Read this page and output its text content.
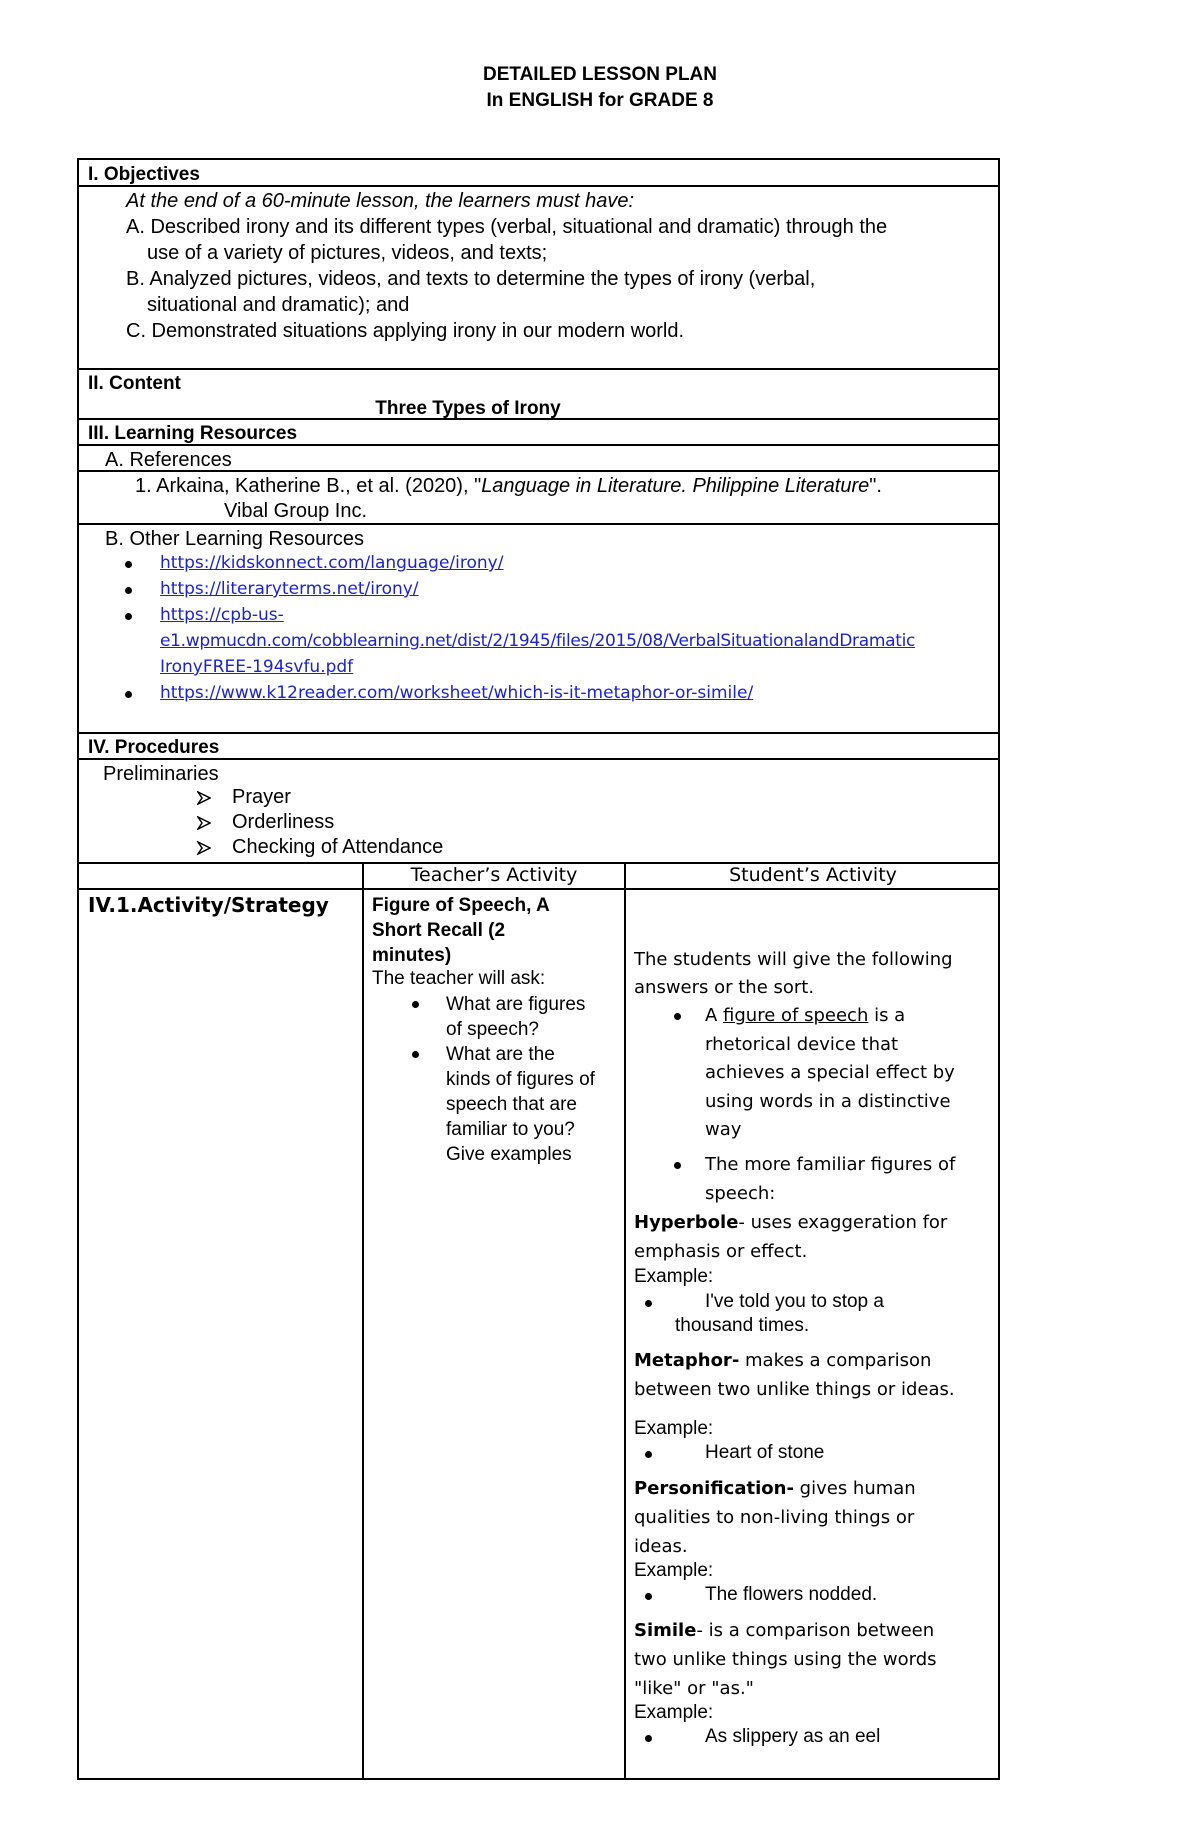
DETAILED LESSON PLAN
In ENGLISH for GRADE 8
I. Objectives
At the end of a 60-minute lesson, the learners must have:
A. Described irony and its different types (verbal, situational and dramatic) through the
use of a variety of pictures, videos, and texts;
B. Analyzed pictures, videos, and texts to determine the types of irony (verbal,
situational and dramatic); and
C. Demonstrated situations applying irony in our modern world.
II. Content
Three Types of Irony
III. Learning Resources
A. References
1. Arkaina, Katherine B., et al. (2020), "Language in Literature. Philippine Literature".
Vibal Group Inc.
B. Other Learning Resources
https://kidskonnect.com/language/irony/
https://literaryterms.net/irony/
https://cpb-us-
e1.wpmucdn.com/cobblearning.net/dist/2/1945/files/2015/08/VerbalSituationalandDramatic
IronyFREE-194svfu.pdf
https://www.k12reader.com/worksheet/which-is-it-metaphor-or-simile/
IV. Procedures
Preliminaries
Prayer
Orderliness
Checking of Attendance
Teacher’s Activity	Student’s Activity
IV.1.Activity/Strategy Figure of Speech, A
Short Recall (2
minutes)
The teacher will ask:
What are figures
of speech?
What are the
kinds of figures of
speech that are
familiar to you?
Give examples
The students will give the following
answers or the sort.
A figure of speech is a
rhetorical device that
achieves a special effect by
using words in a distinctive
way
The more familiar figures of
speech:
Hyperbole- uses exaggeration for
emphasis or effect.
Example:
I've told you to stop a
thousand times.
Metaphor- makes a comparison
between two unlike things or ideas.
Example:
Heart of stone
Personification- gives human
qualities to non-living things or
ideas.
Example:
The flowers nodded.
Simile- is a comparison between
two unlike things using the words
"like" or "as."
Example:
As slippery as an eel
